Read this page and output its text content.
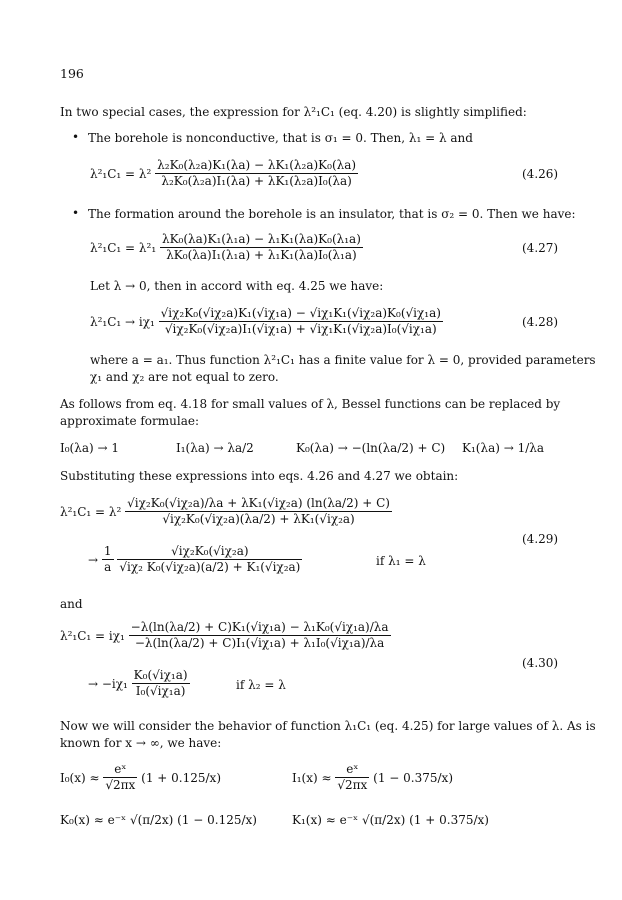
196
In two special cases, the expression for λ²₁C₁ (eq. 4.20) is slightly simplified:
• The borehole is nonconductive, that is σ₁ = 0. Then, λ₁ = λ and
$\lambda^2_1C_1 = \lambda^2 \frac{\text{λ₂K₀(λ₂a)K₁(λa) − λK₁(λ₂a)K₀(λa)}}{\text{λ₂K₀(λ₂a)I₁(λa) + λK₁(λ₂a)I₀(λa)}}$	(4.26)
• The formation around the borehole is an insulator, that is σ₂ = 0. Then we have:
$\lambda^2_1C_1 = \lambda^2_1 \frac{\text{λK₀(λa)K₁(λ₁a) − λ₁K₁(λa)K₀(λ₁a)}}{\text{λK₀(λa)I₁(λ₁a) + λ₁K₁(λa)I₀(λ₁a)}}$	(4.27)
Let λ → 0, then in accord with eq. 4.25 we have:
$\lambda^2_1C_1 \to i\chi_1 \frac{\text{√iχ₂K₀(√iχ₂a)K₁(√iχ₁a) − √iχ₁K₁(√iχ₂a)K₀(√iχ₁a)}}{\text{√iχ₂K₀(√iχ₂a)I₁(√iχ₁a) + √iχ₁K₁(√iχ₂a)I₀(√iχ₁a)}}$	(4.28)
where a = a₁. Thus function λ²₁C₁ has a finite value for λ = 0, provided parameters
χ₁ and χ₂ are not equal to zero.
As follows from eq. 4.18 for small values of λ, Bessel functions can be replaced by
approximate formulae:
I₀(λa) → 1	I₁(λa) → λa/2	K₀(λa) → −(ln(λa/2) + C) K₁(λa) → 1/λa
Substituting these expressions into eqs. 4.26 and 4.27 we obtain:
$\lambda^2_1C_1 = \lambda^2 \frac{\text{√iχ₂K₀(√iχ₂a)/λa + λK₁(√iχ₂a) (ln(λa/2) + C)}}{\text{√iχ₂K₀(√iχ₂a)(λa/2) + λK₁(√iχ₂a)}}$
→ $\frac{1}{a}$
$\frac{\text{√iχ₂K₀(√iχ₂a)}}{\text{√iχ₂ K₀(√iχ₂a)(a/2) + K₁(√iχ₂a)}}$	if λ₁ = λ
(4.29)
and
$\lambda^2_1C_1 = i\chi_1 \frac{\text{−λ(ln(λa/2) + C)K₁(√iχ₁a) − λ₁K₀(√iχ₁a)/λa}}{\text{−λ(ln(λa/2) + C)I₁(√iχ₁a) + λ₁I₀(√iχ₁a)/λa}}$
→ $-i\chi_1 \frac{\text{K₀(√iχ₁a)}}{\text{I₀(√iχ₁a)}}$	if λ₂ = λ
(4.30)
Now we will consider the behavior of function λ₁C₁ (eq. 4.25) for large values of λ. As is
known for x → ∞, we have:
$I_0(x) \approx \frac{\text{eˣ}}{√2\pi x} (1 + 0.125/x)$	$I_1(x) \approx \frac{\text{eˣ}}{√2\pi x} (1 - 0.375/x)$
K₀(x) ≈ e⁻ˣ √(π/2x) (1 − 0.125/x)	K₁(x) ≈ e⁻ˣ √(π/2x) (1 + 0.375/x)
